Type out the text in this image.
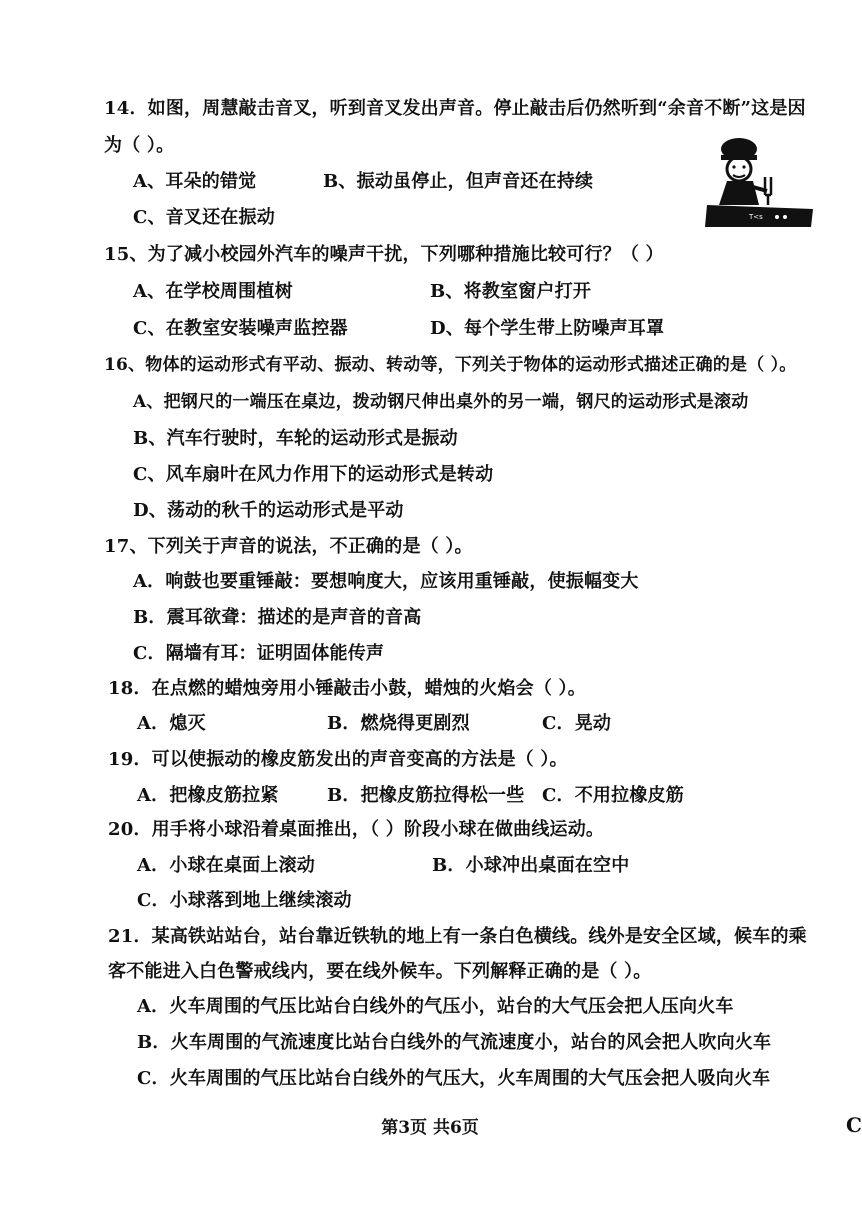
14．如图，周慧敲击音叉，听到音叉发出声音。停止敲击后仍然听到“余音不断”这是因
为（ ）。
A、耳朵的错觉	B、振动虽停止，但声音还在持续
C、音叉还在振动	T<s
15、为了减小校园外汽车的噪声干扰，下列哪种措施比较可行？（ ）
A、在学校周围植树	B、将教室窗户打开
C、在教室安装噪声监控器	D、每个学生带上防噪声耳罩
16、物体的运动形式有平动、振动、转动等，下列关于物体的运动形式描述正确的是（ ）。
A、把钢尺的一端压在桌边，拨动钢尺伸出桌外的另一端，钢尺的运动形式是滚动
B、汽车行驶时，车轮的运动形式是振动
C、风车扇叶在风力作用下的运动形式是转动
D、荡动的秋千的运动形式是平动
17、下列关于声音的说法，不正确的是（ ）。
A．响鼓也要重锤敲：要想响度大，应该用重锤敲，使振幅变大
B．震耳欲聋：描述的是声音的音高
C．隔墙有耳：证明固体能传声
18．在点燃的蜡烛旁用小锤敲击小鼓，蜡烛的火焰会（ ）。
A．熄灭	B．燃烧得更剧烈	C．晃动
19．可以使振动的橡皮筋发出的声音变高的方法是（ ）。
A．把橡皮筋拉紧	B．把橡皮筋拉得松一些 C．不用拉橡皮筋
20．用手将小球沿着桌面推出，（ ）阶段小球在做曲线运动。
A．小球在桌面上滚动	B．小球冲出桌面在空中
C．小球落到地上继续滚动
21．某高铁站站台，站台靠近铁轨的地上有一条白色横线。线外是安全区域，候车的乘
客不能进入白色警戒线内，要在线外候车。下列解释正确的是（ ）。
A．火车周围的气压比站台白线外的气压小，站台的大气压会把人压向火车
B．火车周围的气流速度比站台白线外的气流速度小，站台的风会把人吹向火车
C．火车周围的气压比站台白线外的气压大，火车周围的大气压会把人吸向火车
第3页 共6页	C
